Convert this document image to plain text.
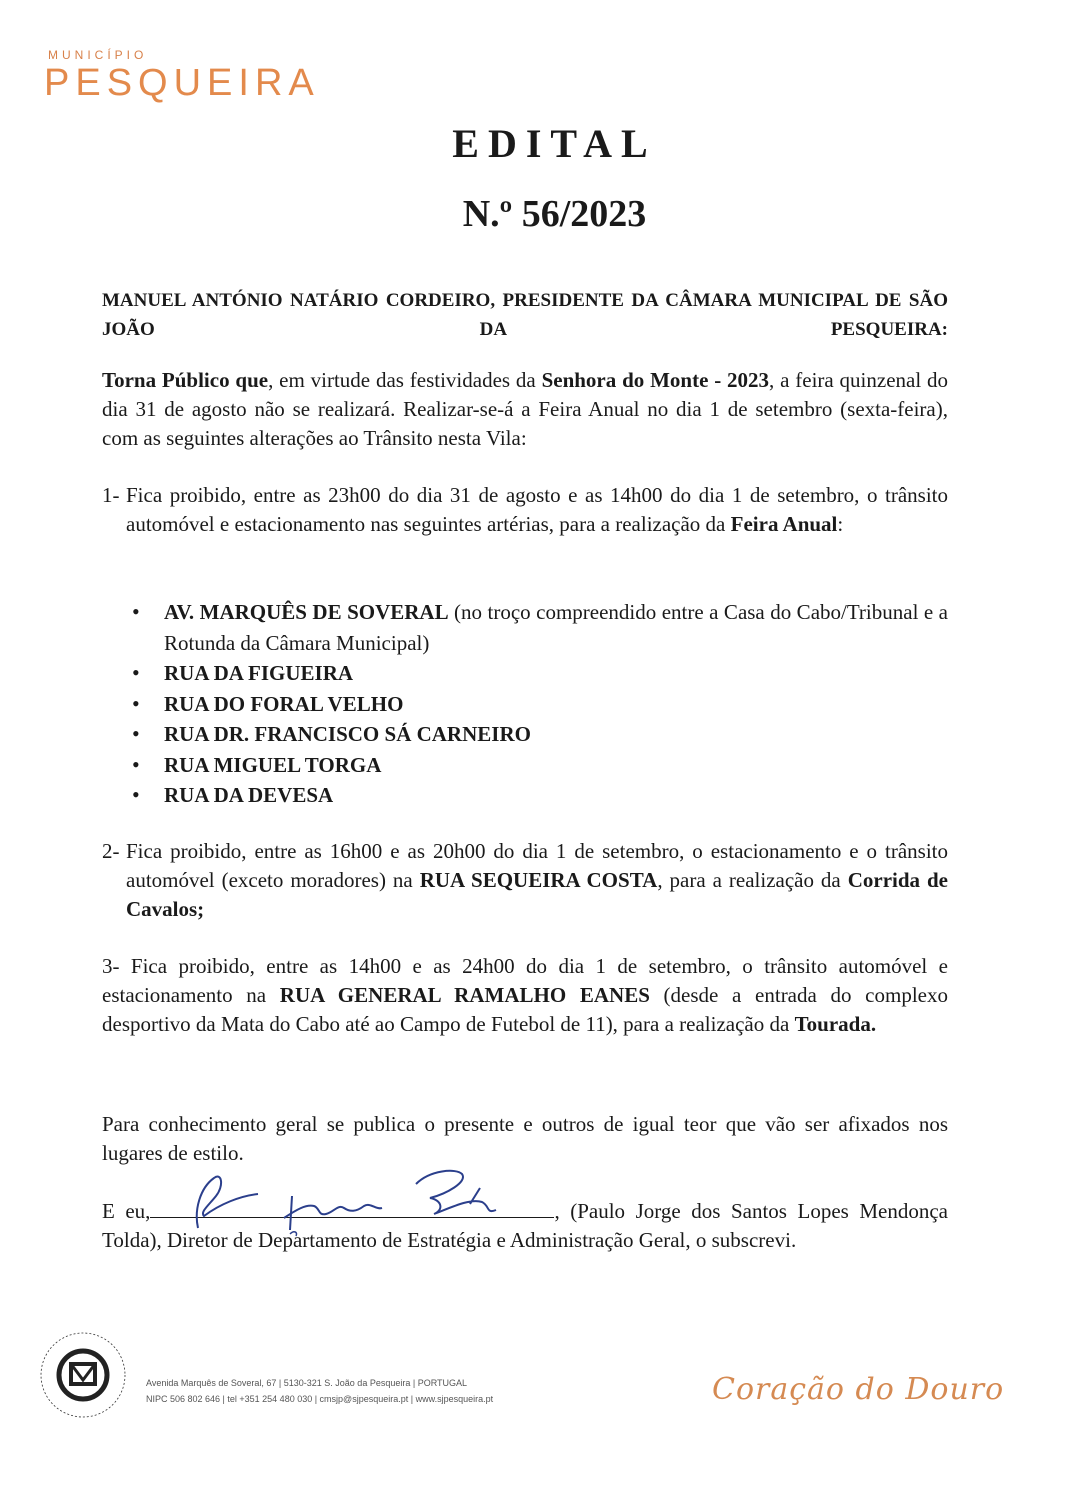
MUNICÍPIO
PESQUEIRA
EDITAL
N.º 56/2023
MANUEL ANTÓNIO NATÁRIO CORDEIRO, PRESIDENTE DA CÂMARA MUNICIPAL DE SÃO JOÃO DA PESQUEIRA:
Torna Público que, em virtude das festividades da Senhora do Monte - 2023, a feira quinzenal do dia 31 de agosto não se realizará. Realizar-se-á a Feira Anual no dia 1 de setembro (sexta-feira), com as seguintes alterações ao Trânsito nesta Vila:
1- Fica proibido, entre as 23h00 do dia 31 de agosto e as 14h00 do dia 1 de setembro, o trânsito automóvel e estacionamento nas seguintes artérias, para a realização da Feira Anual:
• AV. MARQUÊS DE SOVERAL (no troço compreendido entre a Casa do Cabo/Tribunal e a Rotunda da Câmara Municipal)
• RUA DA FIGUEIRA
• RUA DO FORAL VELHO
• RUA DR. FRANCISCO SÁ CARNEIRO
• RUA MIGUEL TORGA
• RUA DA DEVESA
2- Fica proibido, entre as 16h00 e as 20h00 do dia 1 de setembro, o estacionamento e o trânsito automóvel (exceto moradores) na RUA SEQUEIRA COSTA, para a realização da Corrida de Cavalos;
3- Fica proibido, entre as 14h00 e as 24h00 do dia 1 de setembro, o trânsito automóvel e estacionamento na RUA GENERAL RAMALHO EANES (desde a entrada do complexo desportivo da Mata do Cabo até ao Campo de Futebol de 11), para a realização da Tourada.
Para conhecimento geral se publica o presente e outros de igual teor que vão ser afixados nos lugares de estilo.
E eu,	, (Paulo Jorge dos Santos Lopes Mendonça Tolda), Diretor de Departamento de Estratégia e Administração Geral, o subscrevi.
Avenida Marquês de Soveral, 67 | 5130-321 S. João da Pesqueira | PORTUGAL
NIPC 506 802 646 | tel +351 254 480 030 | cmsjp@sjpesqueira.pt | www.sjpesqueira.pt	Coração do Douro
